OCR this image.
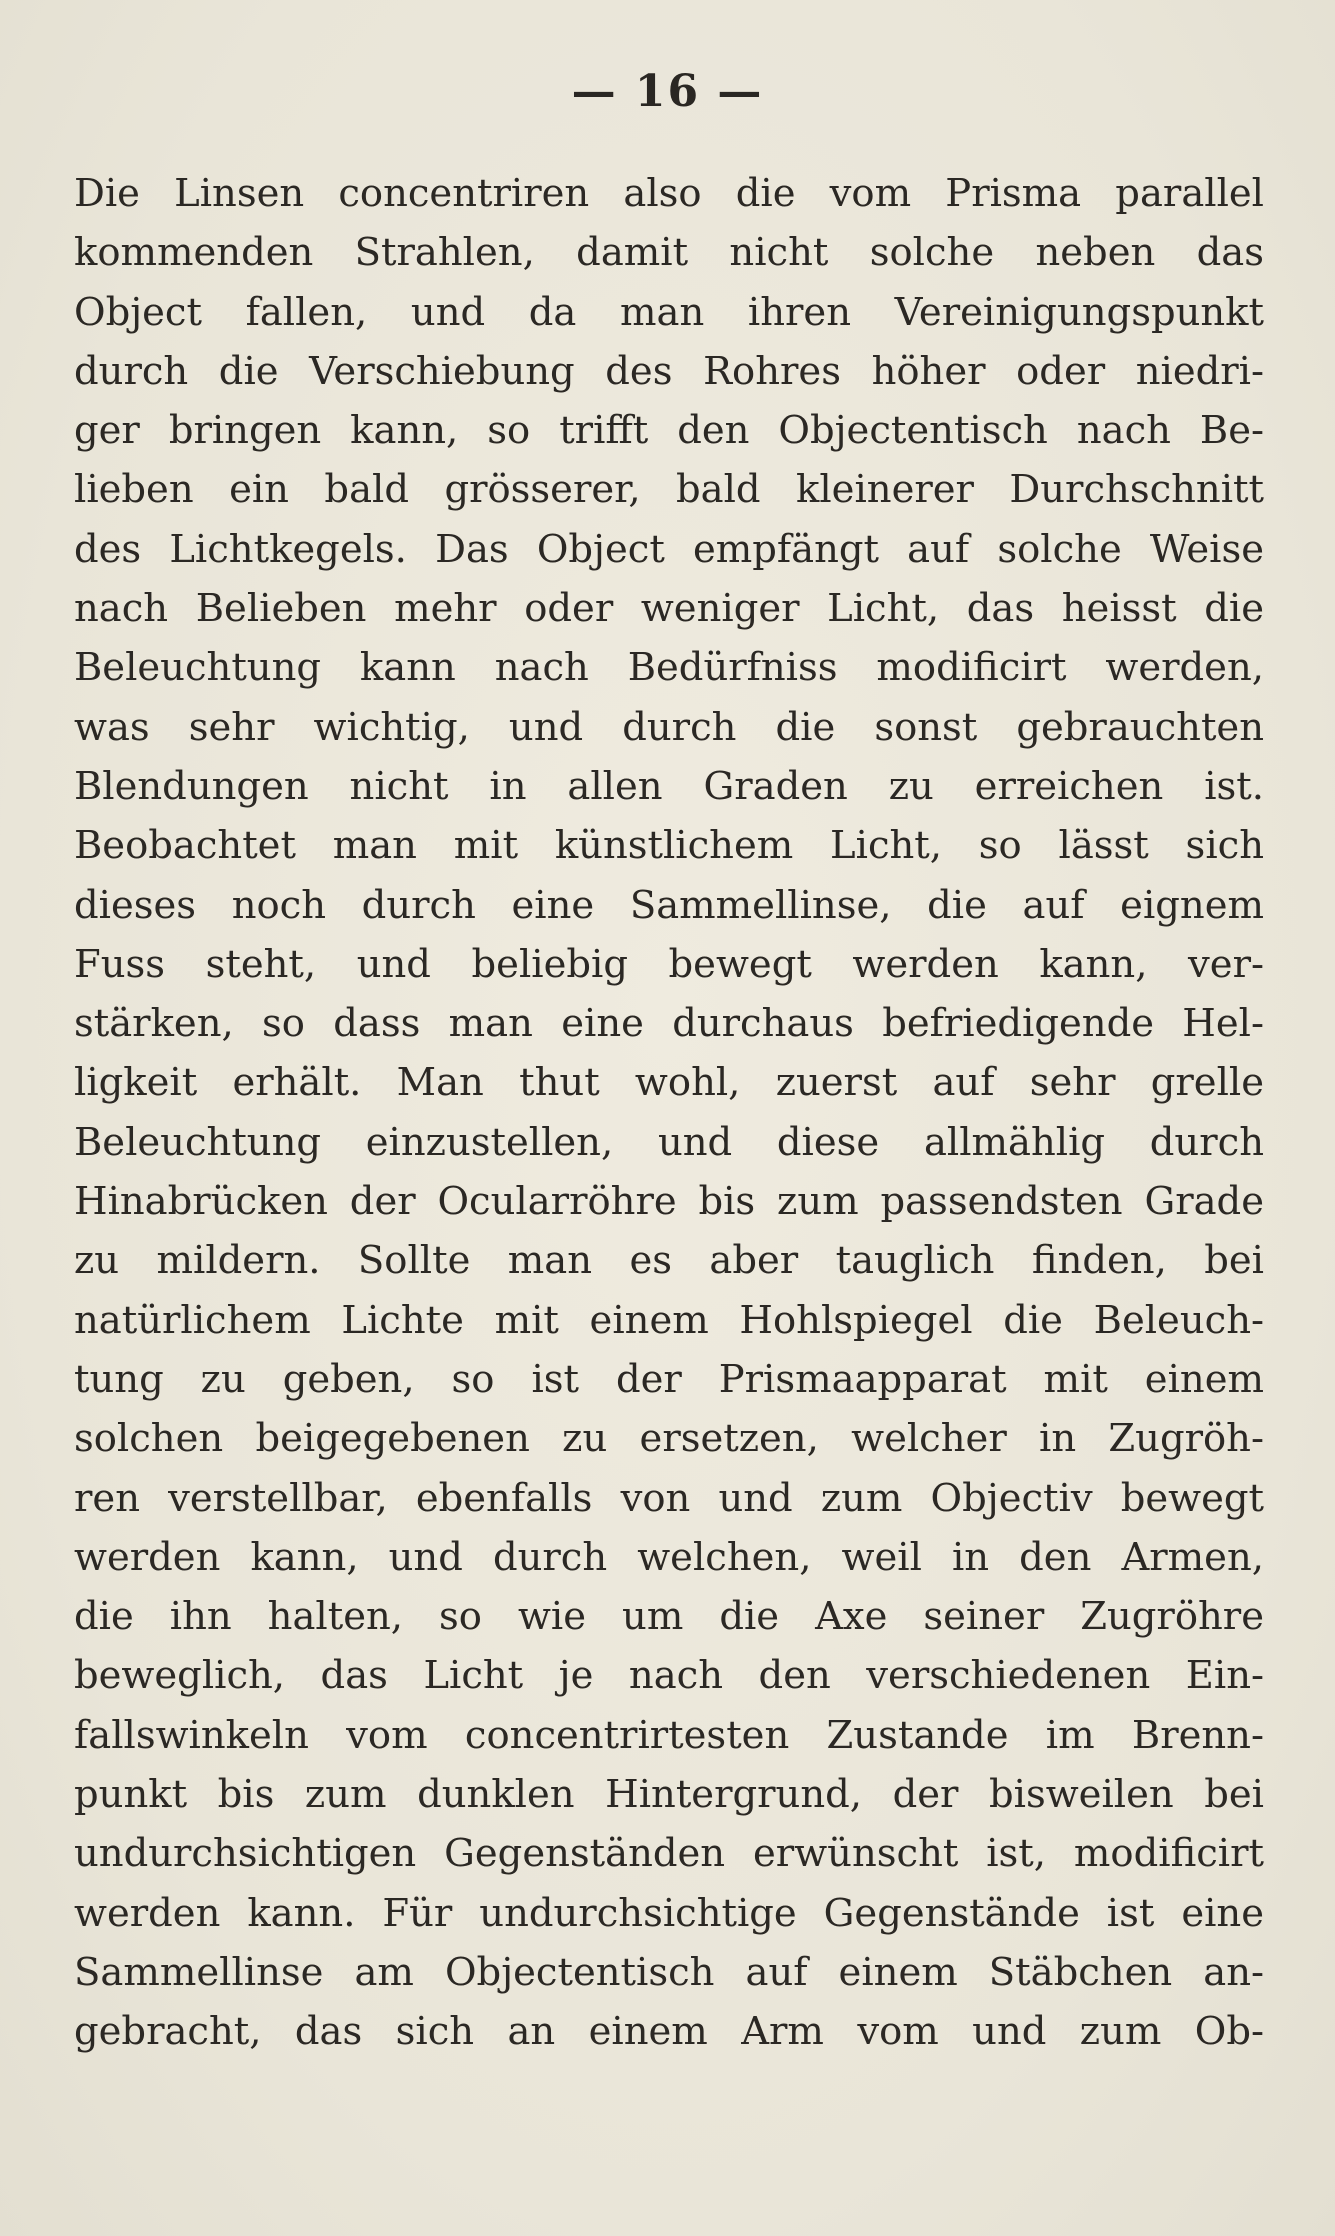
— 16 —
Die Linsen concentriren also die vom Prisma parallel
kommenden Strahlen, damit nicht solche neben das
Object fallen, und da man ihren Vereinigungspunkt
durch die Verschiebung des Rohres höher oder niedri-
ger bringen kann, so trifft den Objectentisch nach Be-
lieben ein bald grösserer, bald kleinerer Durchschnitt
des Lichtkegels. Das Object empfängt auf solche Weise
nach Belieben mehr oder weniger Licht, das heisst die
Beleuchtung kann nach Bedürfniss modificirt werden,
was sehr wichtig, und durch die sonst gebrauchten
Blendungen nicht in allen Graden zu erreichen ist.
Beobachtet man mit künstlichem Licht, so lässt sich
dieses noch durch eine Sammellinse, die auf eignem
Fuss steht, und beliebig bewegt werden kann, ver-
stärken, so dass man eine durchaus befriedigende Hel-
ligkeit erhält. Man thut wohl, zuerst auf sehr grelle
Beleuchtung einzustellen, und diese allmählig durch
Hinabrücken der Ocularröhre bis zum passendsten Grade
zu mildern. Sollte man es aber tauglich finden, bei
natürlichem Lichte mit einem Hohlspiegel die Beleuch-
tung zu geben, so ist der Prismaapparat mit einem
solchen beigegebenen zu ersetzen, welcher in Zugröh-
ren verstellbar, ebenfalls von und zum Objectiv bewegt
werden kann, und durch welchen, weil in den Armen,
die ihn halten, so wie um die Axe seiner Zugröhre
beweglich, das Licht je nach den verschiedenen Ein-
fallswinkeln vom concentrirtesten Zustande im Brenn-
punkt bis zum dunklen Hintergrund, der bisweilen bei
undurchsichtigen Gegenständen erwünscht ist, modificirt
werden kann. Für undurchsichtige Gegenstände ist eine
Sammellinse am Objectentisch auf einem Stäbchen an-
gebracht, das sich an einem Arm vom und zum Ob-
